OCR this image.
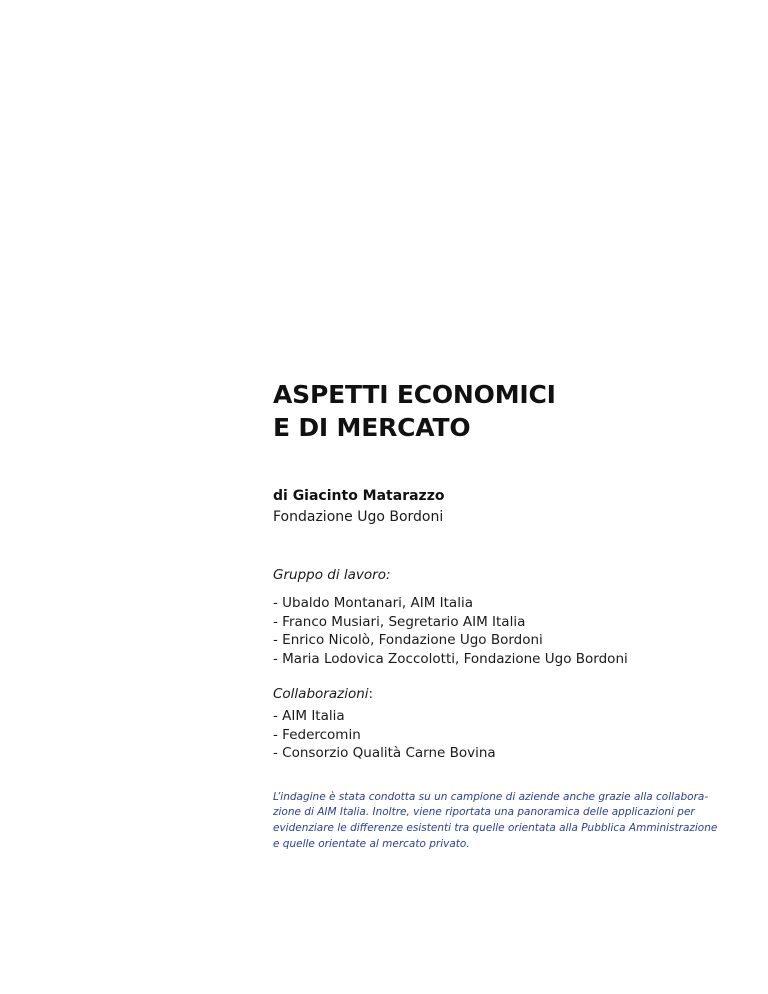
ASPETTI ECONOMICI
E DI MERCATO
di Giacinto Matarazzo
Fondazione Ugo Bordoni
Gruppo di lavoro:
- Ubaldo Montanari, AIM Italia
- Franco Musiari, Segretario AIM Italia
- Enrico Nicolò, Fondazione Ugo Bordoni
- Maria Lodovica Zoccolotti, Fondazione Ugo Bordoni
Collaborazioni:
- AIM Italia
- Federcomin
- Consorzio Qualità Carne Bovina
L’indagine è stata condotta su un campione di aziende anche grazie alla collabora-
zione di AIM Italia. Inoltre, viene riportata una panoramica delle applicazioni per
evidenziare le differenze esistenti tra quelle orientata alla Pubblica Amministrazione
e quelle orientate al mercato privato.
